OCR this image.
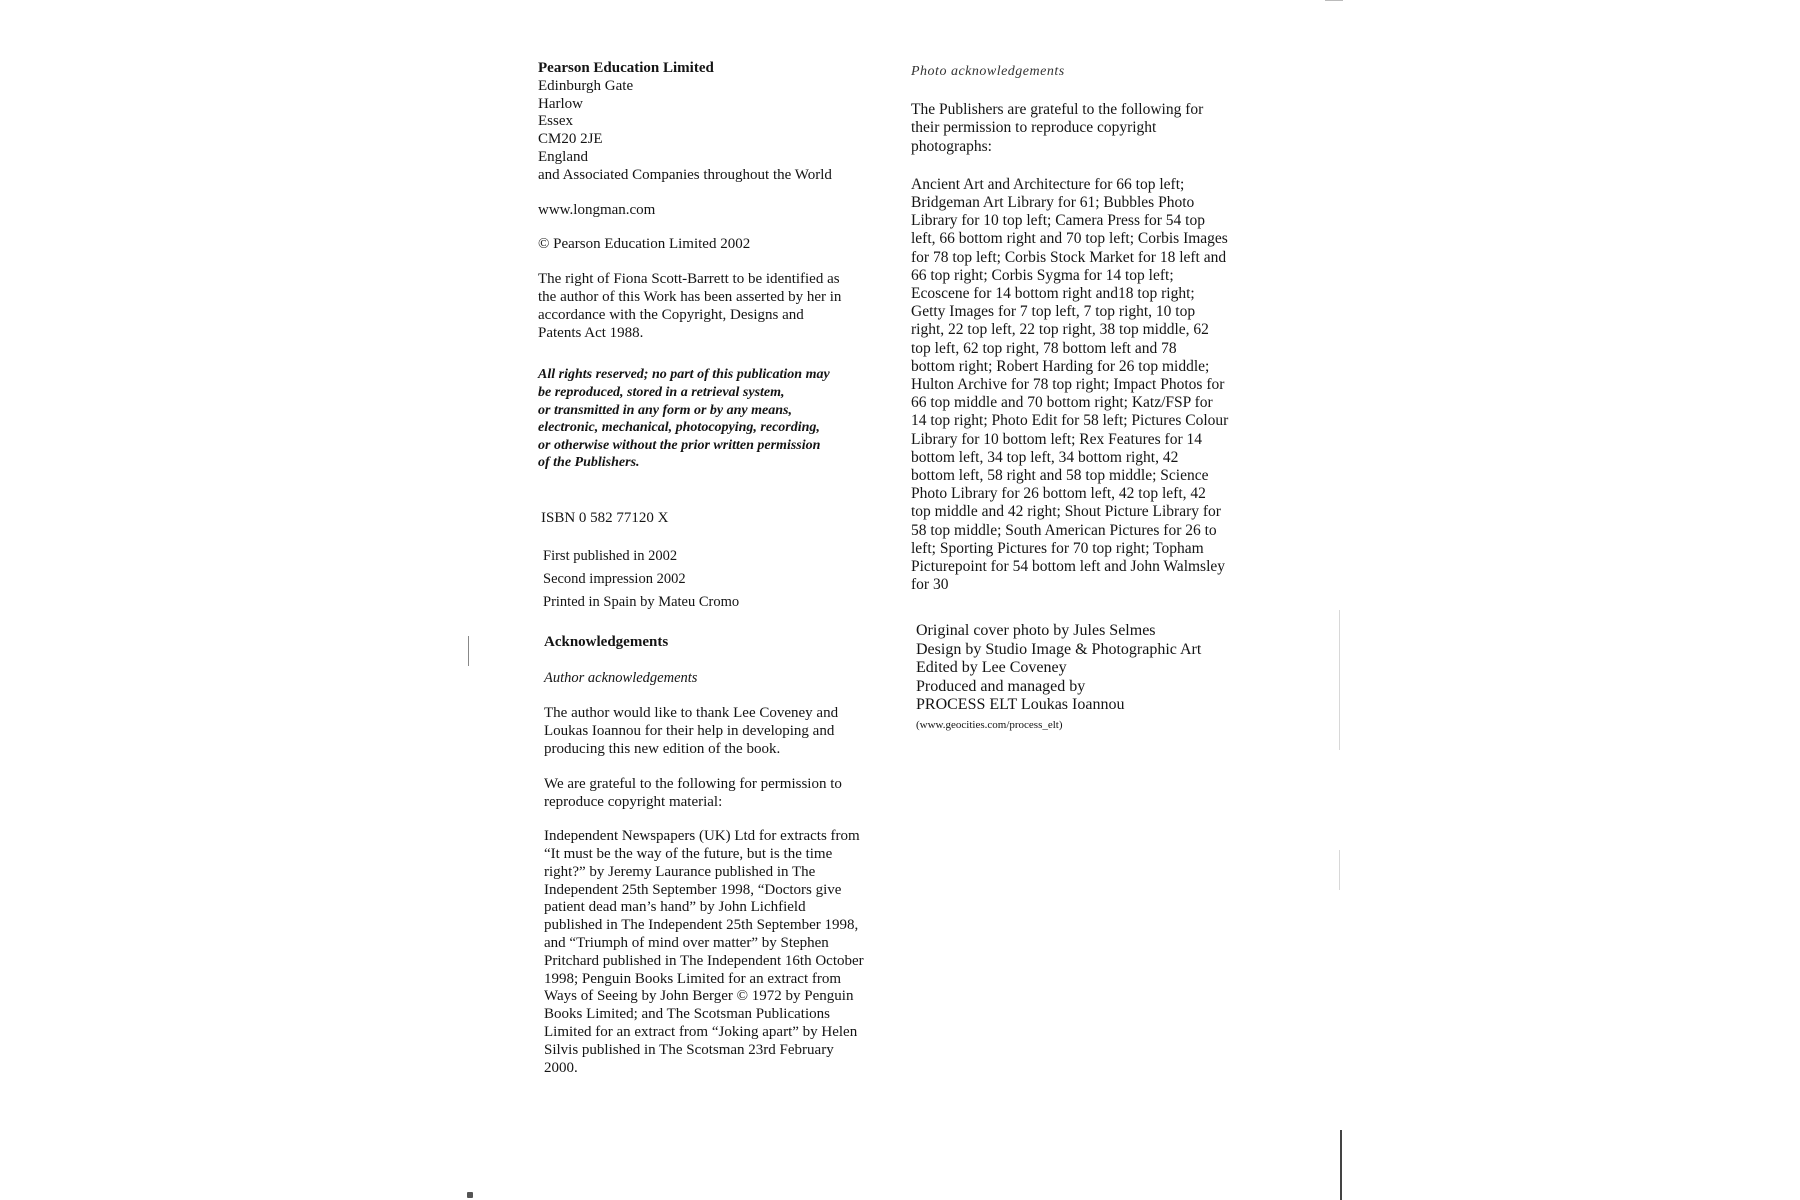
Pearson Education Limited
Edinburgh Gate
Harlow
Essex
CM20 2JE
England
and Associated Companies throughout the World
www.longman.com
© Pearson Education Limited 2002
The right of Fiona Scott-Barrett to be identified as
the author of this Work has been asserted by her in
accordance with the Copyright, Designs and
Patents Act 1988.
All rights reserved; no part of this publication may
be reproduced, stored in a retrieval system,
or transmitted in any form or by any means,
electronic, mechanical, photocopying, recording,
or otherwise without the prior written permission
of the Publishers.
ISBN 0 582 77120 X
First published in 2002
Second impression 2002
Printed in Spain by Mateu Cromo
Acknowledgements
Author acknowledgements
The author would like to thank Lee Coveney and
Loukas Ioannou for their help in developing and
producing this new edition of the book.
We are grateful to the following for permission to
reproduce copyright material:
Independent Newspapers (UK) Ltd for extracts from
“It must be the way of the future, but is the time
right?” by Jeremy Laurance published in The
Independent 25th September 1998, “Doctors give
patient dead man’s hand” by John Lichfield
published in The Independent 25th September 1998,
and “Triumph of mind over matter” by Stephen
Pritchard published in The Independent 16th October
1998; Penguin Books Limited for an extract from
Ways of Seeing by John Berger © 1972 by Penguin
Books Limited; and The Scotsman Publications
Limited for an extract from “Joking apart” by Helen
Silvis published in The Scotsman 23rd February
2000.
Photo acknowledgements
The Publishers are grateful to the following for
their permission to reproduce copyright
photographs:
Ancient Art and Architecture for 66 top left;
Bridgeman Art Library for 61; Bubbles Photo
Library for 10 top left; Camera Press for 54 top
left, 66 bottom right and 70 top left; Corbis Images
for 78 top left; Corbis Stock Market for 18 left and
66 top right; Corbis Sygma for 14 top left;
Ecoscene for 14 bottom right and18 top right;
Getty Images for 7 top left, 7 top right, 10 top
right, 22 top left, 22 top right, 38 top middle, 62
top left, 62 top right, 78 bottom left and 78
bottom right; Robert Harding for 26 top middle;
Hulton Archive for 78 top right; Impact Photos for
66 top middle and 70 bottom right; Katz/FSP for
14 top right; Photo Edit for 58 left; Pictures Colour
Library for 10 bottom left; Rex Features for 14
bottom left, 34 top left, 34 bottom right, 42
bottom left, 58 right and 58 top middle; Science
Photo Library for 26 bottom left, 42 top left, 42
top middle and 42 right; Shout Picture Library for
58 top middle; South American Pictures for 26 to
left; Sporting Pictures for 70 top right; Topham
Picturepoint for 54 bottom left and John Walmsley
for 30
Original cover photo by Jules Selmes
Design by Studio Image & Photographic Art
Edited by Lee Coveney
Produced and managed by
PROCESS ELT Loukas Ioannou
(www.geocities.com/process_elt)
